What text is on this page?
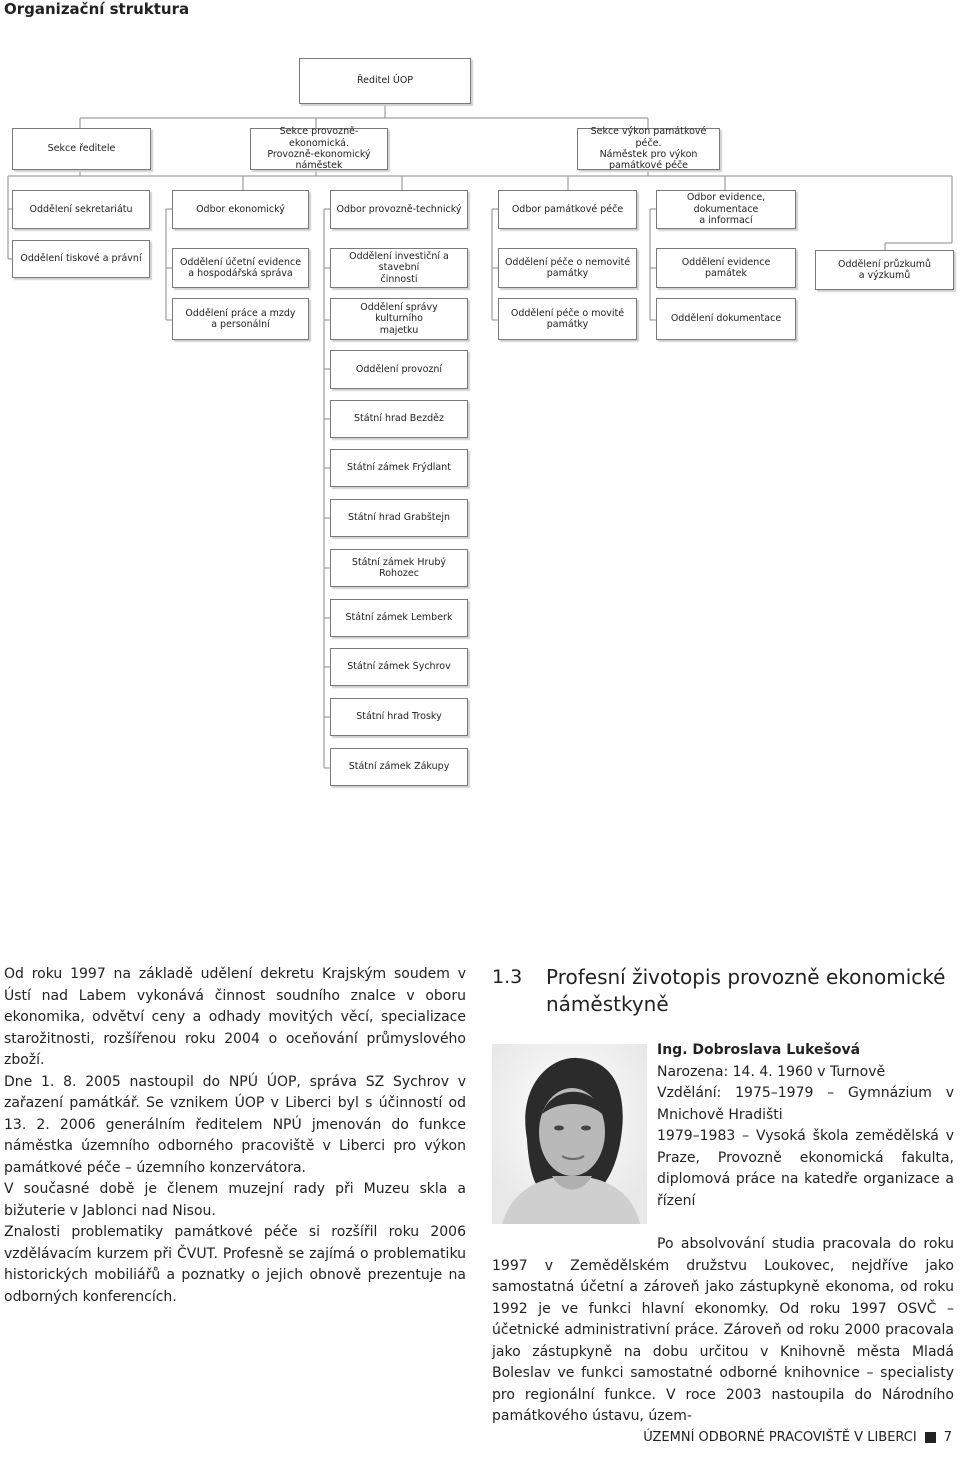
Organizační struktura
Ředitel ÚOP
Sekce ředitele
Sekce provozně-ekonomická.
Provozně-ekonomický
náměstek
Sekce výkon památkové péče.
Náměstek pro výkon
památkové péče
Oddělení sekretariátu	Odbor ekonomický	Odbor provozně-technický	Odbor památkové péče
Odbor evidence, dokumentace
a informací
Oddělení tiskové a právní	Oddělení účetní evidence
a hospodářská správa
Oddělení investiční a stavební
činnosti
Oddělení péče o nemovité
památky
Oddělení evidence památek
Oddělení průzkumů
a výzkumů
Oddělení práce a mzdy
a personální
Oddělení správy kulturního
majetku
Oddělení péče o movité
památky
Oddělení dokumentace
Oddělení provozní
Státní hrad Bezděz
Státní zámek Frýdlant
Státní hrad Grabštejn
Státní zámek Hrubý Rohozec
Státní zámek Lemberk
Státní zámek Sychrov
Státní hrad Trosky
Státní zámek Zákupy

Od roku 1997 na základě udělení dekretu Krajským soudem v Ústí nad Labem vykonává činnost soudního znalce v oboru ekonomika, odvětví ceny a odhady movitých věcí, specializace starožitnosti, rozšířenou roku 2004 o oceňování průmyslového zboží.

Dne 1. 8. 2005 nastoupil do NPÚ ÚOP, správa SZ Sychrov v zařazení památkář. Se vznikem ÚOP v Liberci byl s účinností od 13. 2. 2006 generálním ředitelem NPÚ jmenován do funkce náměstka územního odborného pracoviště v Liberci pro výkon památkové péče – územního konzervátora.

V současné době je členem muzejní rady při Muzeu skla a bižuterie v Jablonci nad Nisou.

Znalosti problematiky památkové péče si rozšířil roku 2006 vzdělávacím kurzem při ČVUT. Profesně se zajímá o problematiku historických mobiliářů a poznatky o jejich obnově prezentuje na odborných konferencích.

1.3 Profesní životopis provozně ekonomické náměstkyně

Ing. Dobroslava Lukešová

Narozena: 14. 4. 1960 v Turnově

Vzdělání: 1975–1979 – Gymnázium v Mnichově Hradišti

1979–1983 – Vysoká škola zemědělská v Praze, Provozně ekonomická fakulta, diplomová práce na katedře organizace a řízení

Po absolvování studia pracovala do roku 1997 v Zemědělském družstvu Loukovec, nejdříve jako samostatná účetní a zároveň jako zástupkyně ekonoma, od roku 1992 je ve funkci hlavní ekonomky. Od roku 1997 OSVČ – účetnické administrativní práce. Zároveň od roku 2000 pracovala jako zástupkyně na dobu určitou v Knihovně města Mladá Boleslav ve funkci samostatné odborné knihovnice – specialisty pro regionální funkce. V roce 2003 nastoupila do Národního památkového ústavu, územ-

ÚZEMNÍ ODBORNÉ PRACOVIŠTĚ V LIBERCI 7
